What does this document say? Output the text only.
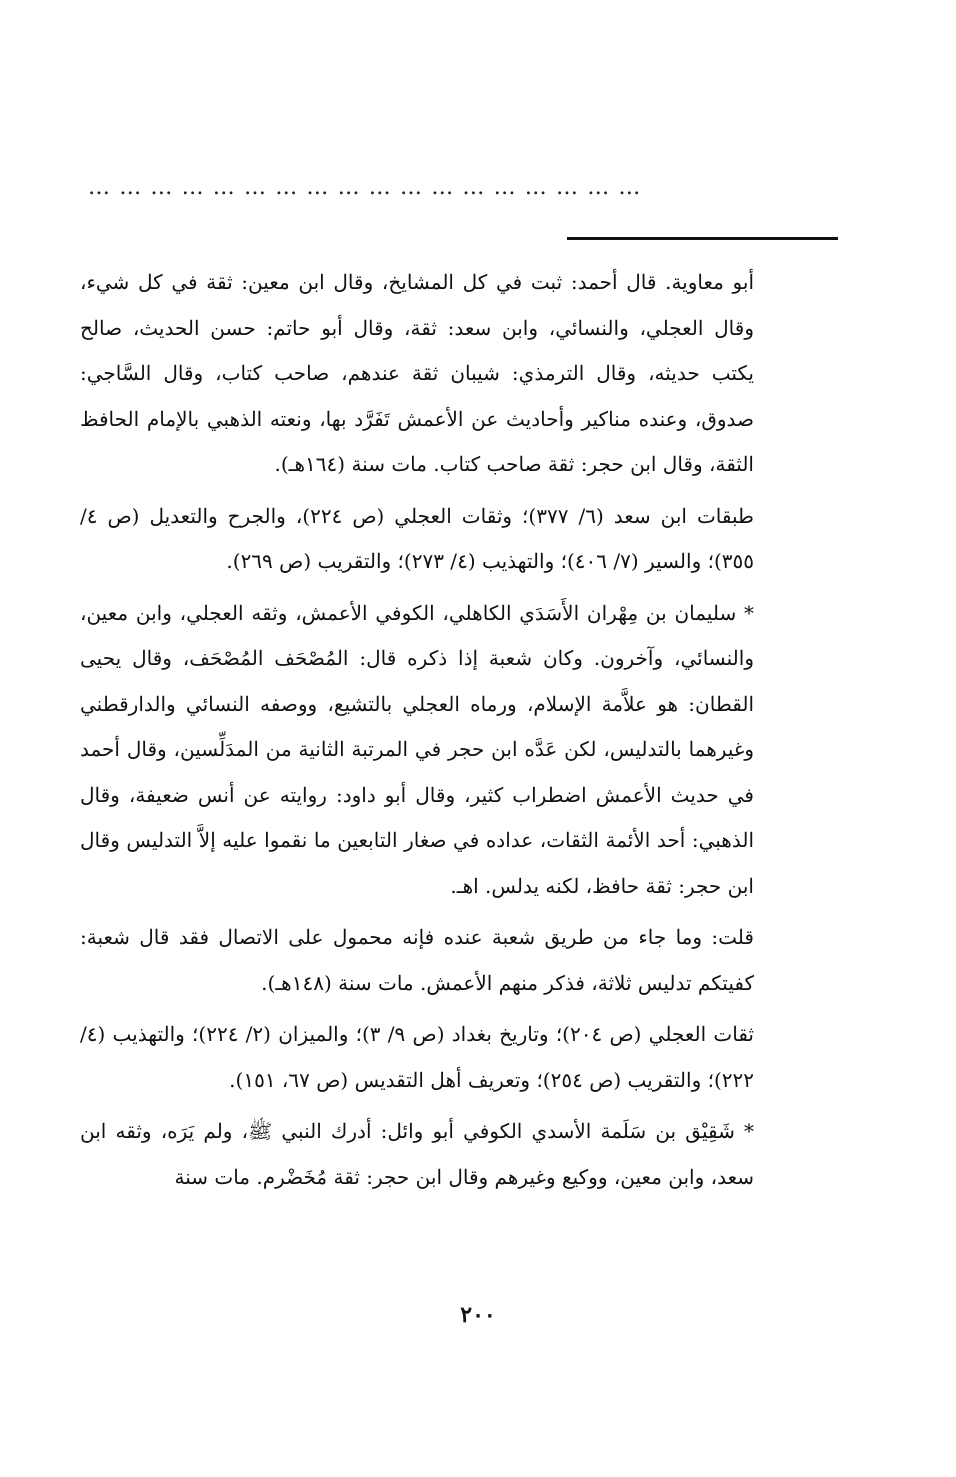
………………………………………………

أبو معاوية. قال أحمد: ثبت في كل المشايخ، وقال ابن معين: ثقة في كل شيء، وقال العجلي، والنسائي، وابن سعد: ثقة، وقال أبو حاتم: حسن الحديث، صالح يكتب حديثه، وقال الترمذي: شيبان ثقة عندهم، صاحب كتاب، وقال السَّاجي: صدوق، وعنده مناكير وأحاديث عن الأعمش تَفَرَّد بها، ونعته الذهبي بالإمام الحافظ الثقة، وقال ابن حجر: ثقة صاحب كتاب. مات سنة (١٦٤هـ).

طبقات ابن سعد (٦/ ٣٧٧)؛ وثقات العجلي (ص ٢٢٤)، والجرح والتعديل (ص ٤/ ٣٥٥)؛ والسير (٧/ ٤٠٦)؛ والتهذيب (٤/ ٢٧٣)؛ والتقريب (ص ٢٦٩).

* سليمان بن مِهْران الأَسَدَي الكاهلي، الكوفي الأعمش، وثقه العجلي، وابن معين، والنسائي، وآخرون. وكان شعبة إذا ذكره قال: المُصْحَف المُصْحَف، وقال يحيى القطان: هو علاَّمة الإسلام، ورماه العجلي بالتشيع، ووصفه النسائي والدارقطني وغيرهما بالتدليس، لكن عَدَّه ابن حجر في المرتبة الثانية من المدَلِّسين، وقال أحمد في حديث الأعمش اضطراب كثير، وقال أبو داود: روايته عن أنس ضعيفة، وقال الذهبي: أحد الأئمة الثقات، عداده في صغار التابعين ما نقموا عليه إلاَّ التدليس وقال ابن حجر: ثقة حافظ، لكنه يدلس. اهـ.

قلت: وما جاء من طريق شعبة عنده فإنه محمول على الاتصال فقد قال شعبة: كفيتكم تدليس ثلاثة، فذكر منهم الأعمش. مات سنة (١٤٨هـ).

ثقات العجلي (ص ٢٠٤)؛ وتاريخ بغداد (ص ٩/ ٣)؛ والميزان (٢/ ٢٢٤)؛ والتهذيب (٤/ ٢٢٢)؛ والتقريب (ص ٢٥٤)؛ وتعريف أهل التقديس (ص ٦٧، ١٥١).

* شَقِيْق بن سَلَمة الأسدي الكوفي أبو وائل: أدرك النبي ﷺ، ولم يَرَه، وثقه ابن سعد، وابن معين، ووكيع وغيرهم وقال ابن حجر: ثقة مُخَضْرم. مات سنة

٢٠٠
